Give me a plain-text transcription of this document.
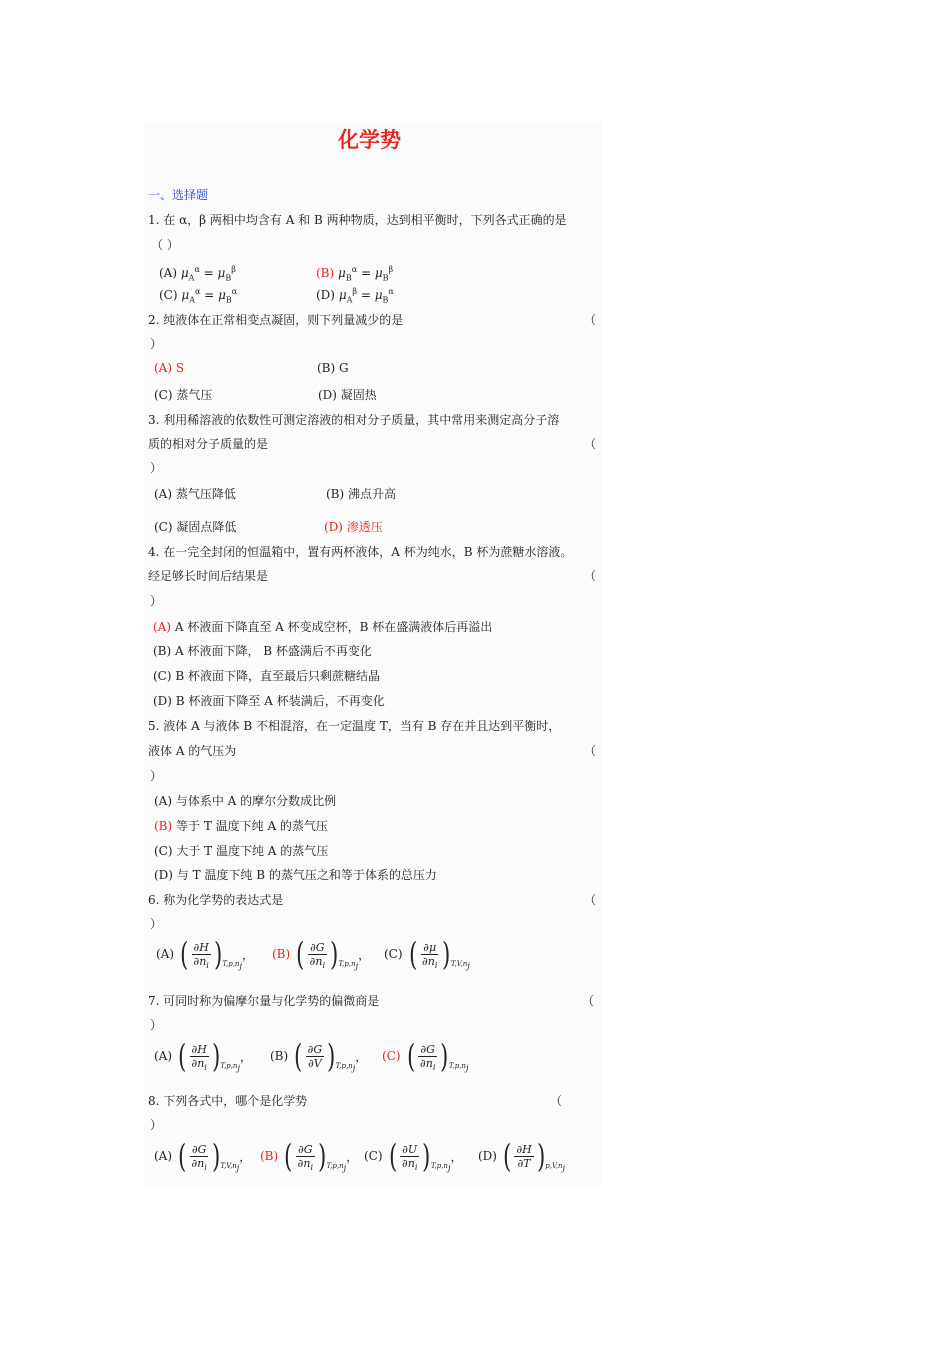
化学势
一、选择题
1. 在 α，β 两相中均含有 A 和 B 两种物质，达到相平衡时，下列各式正确的是
（ ）
(A) $\mu_A^\alpha = \mu_B^\beta$	(B) $\mu_B^\alpha = \mu_B^\beta$
(C) $\mu_A^\alpha = \mu_B^\alpha$	(D) $\mu_A^\beta = \mu_B^\alpha$
2. 纯液体在正常相变点凝固，则下列量减少的是	（
）
(A) S	(B) G
(C) 蒸气压	(D) 凝固热
3. 利用稀溶液的依数性可测定溶液的相对分子质量，其中常用来测定高分子溶
质的相对分子质量的是	（
）
(A) 蒸气压降低	(B) 沸点升高
(C) 凝固点降低	(D) 渗透压
4. 在一完全封闭的恒温箱中，置有两杯液体，A 杯为纯水，B 杯为蔗糖水溶液。
经足够长时间后结果是	（
）
(A) A 杯液面下降直至 A 杯变成空杯，B 杯在盛满液体后再溢出
(B) A 杯液面下降， B 杯盛满后不再变化
(C) B 杯液面下降，直至最后只剩蔗糖结晶
(D) B 杯液面下降至 A 杯装满后，不再变化
5. 液体 A 与液体 B 不相混溶，在一定温度 T，当有 B 存在并且达到平衡时，
液体 A 的气压为	（
）
(A) 与体系中 A 的摩尔分数成比例
(B) 等于 T 温度下纯 A 的蒸气压
(C) 大于 T 温度下纯 A 的蒸气压
(D) 与 T 温度下纯 B 的蒸气压之和等于体系的总压力
6. 称为化学势的表达式是	（
）
(A) ( $\frac{\partial H}{\partial n_i}$ ) $T,p,n_j$
， (B) ( $\frac{\partial G}{\partial n_i}$ ) $T,p,n_j$
， (C) ( $\frac{\partial\mu}{\partial n_i}$ ) $T,V,n_j$
7. 可同时称为偏摩尔量与化学势的偏微商是	（
）
(A) ( $\frac{\partial H}{\partial n_i}$ ) $T,p,n_j$
， (B) ( $\frac{\partial G}{\partial V}$ ) $T,p,n_j$
， (C) ( $\frac{\partial G}{\partial n_i}$ ) $T,p,n_j$
8. 下列各式中，哪个是化学势	（
）
(A) ( $\frac{\partial G}{\partial n_i}$ ) $T,V,n_j$
， (B) ( $\frac{\partial G}{\partial n_i}$ ) $T,p,n_j$
， (C) ( $\frac{\partial U}{\partial n_i}$ ) $T,p,n_j$
， (D) ( $\frac{\partial H}{\partial T}$ ) $p,V,n_j$
